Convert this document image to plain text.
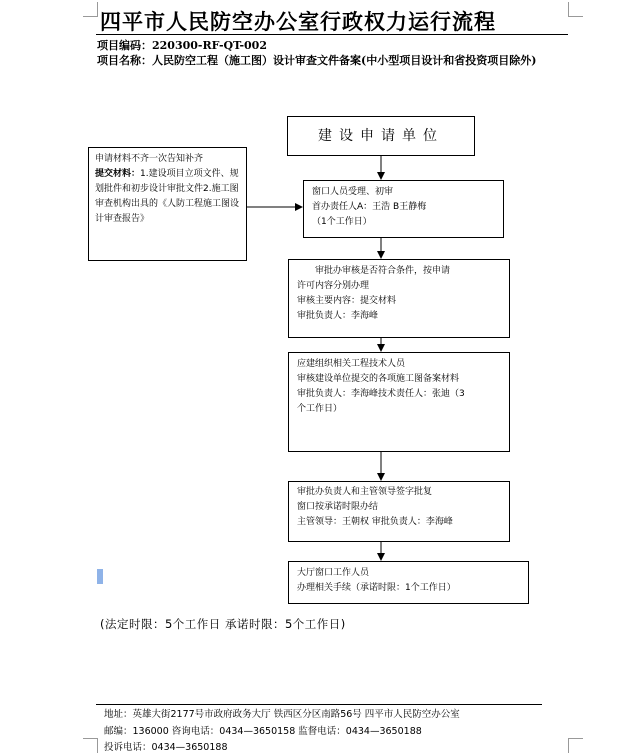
四平市人民防空办公室行政权力运行流程
项目编码：220300-RF-QT-002
项目名称：人民防空工程（施工图）设计审查文件备案(中小型项目设计和省投资项目除外)
建设申请单位

申请材料不齐一次告知补齐

提交材料：1.建设项目立项文件、规划批件和初步设计审批文件2.施工图审查机构出具的《人防工程施工图设计审查报告》

窗口人员受理、初审

首办责任人A：王浩 B王静梅

（1个工作日）

审批办审核是否符合条件，按申请

许可内容分别办理

审核主要内容：提交材料

审批负责人：李海峰

应建组织相关工程技术人员

审核建设单位提交的各项施工图备案材料

审批负责人：李海峰技术责任人：张迪（3

个工作日）

审批办负责人和主管领导签字批复

窗口按承诺时限办结

主管领导：王朝权 审批负责人：李海峰

大厅窗口工作人员

办理相关手续（承诺时限：1个工作日）

(法定时限：5个工作日 承诺时限：5个工作日)
地址：英雄大街2177号市政府政务大厅 铁西区分区南路56号 四平市人民防空办公室
邮编：136000 咨询电话：0434—3650158 监督电话：0434—3650188
投诉电话：0434—3650188
